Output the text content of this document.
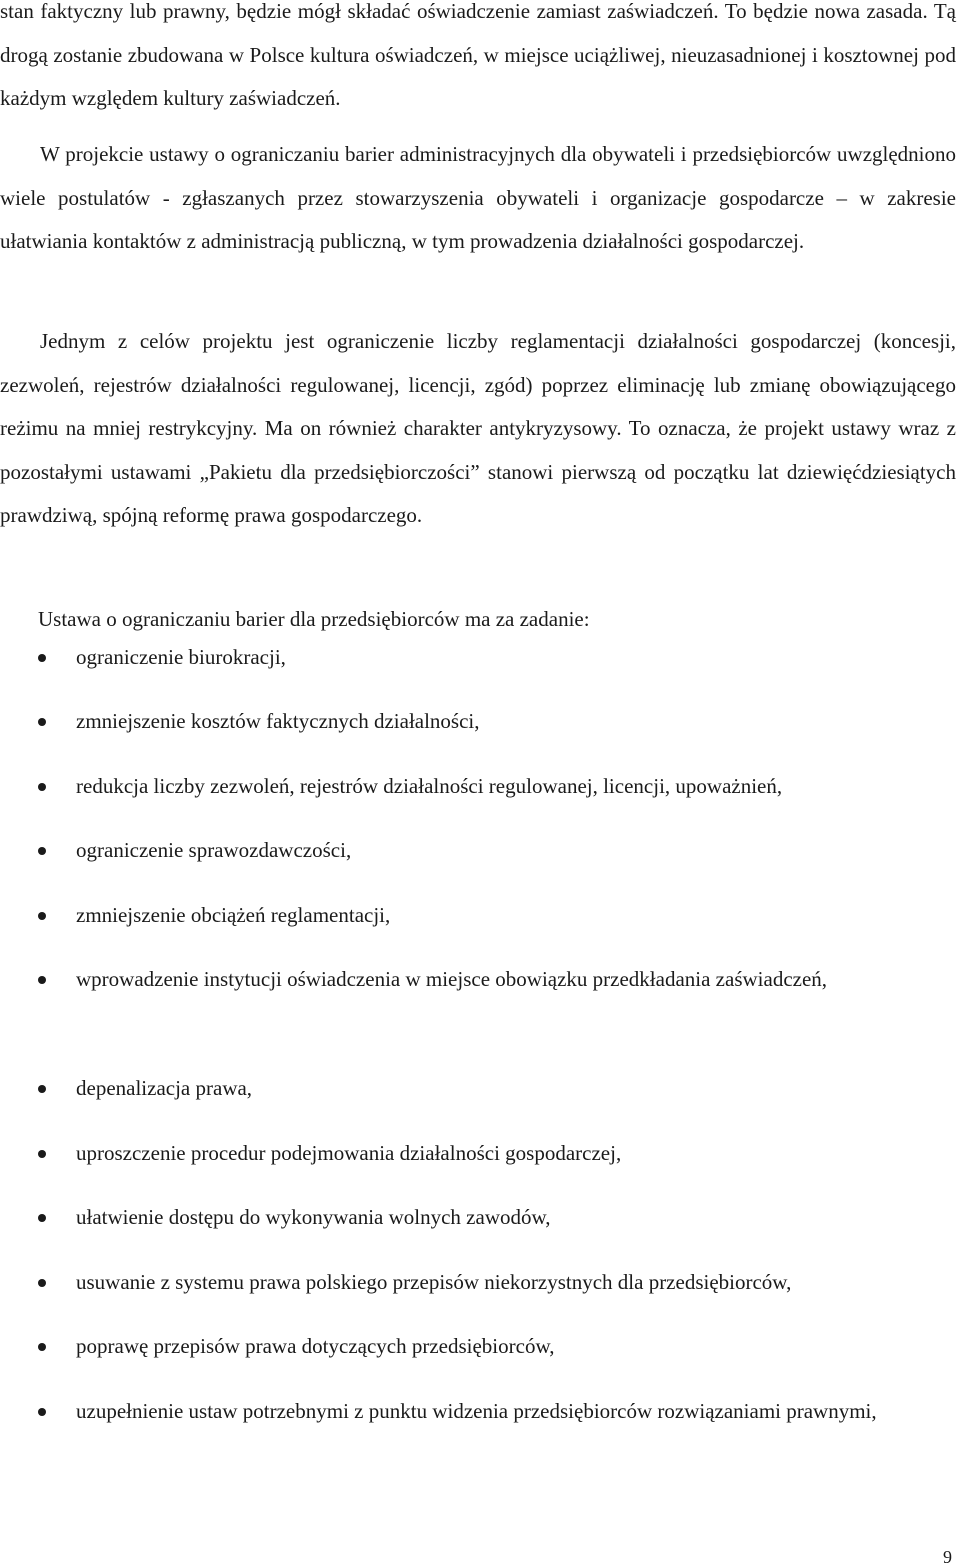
stan faktyczny lub prawny, będzie mógł składać oświadczenie zamiast zaświadczeń. To będzie nowa zasada. Tą drogą zostanie zbudowana w Polsce kultura oświadczeń, w miejsce uciążliwej, nieuzasadnionej i kosztownej pod każdym względem kultury zaświadczeń.

W projekcie ustawy o ograniczaniu barier administracyjnych dla obywateli i przedsiębiorców uwzględniono wiele postulatów - zgłaszanych przez stowarzyszenia obywateli i organizacje gospodarcze – w zakresie ułatwiania kontaktów z administracją publiczną, w tym prowadzenia działalności gospodarczej.

Jednym z celów projektu jest ograniczenie liczby reglamentacji działalności gospodarczej (koncesji, zezwoleń, rejestrów działalności regulowanej, licencji, zgód) poprzez eliminację lub zmianę obowiązującego reżimu na mniej restrykcyjny. Ma on również charakter antykryzysowy. To oznacza, że projekt ustawy wraz z pozostałymi ustawami „Pakietu dla przedsiębiorczości” stanowi pierwszą od początku lat dziewięćdziesiątych prawdziwą, spójną reformę prawa gospodarczego.

Ustawa o ograniczaniu barier dla przedsiębiorców ma za zadanie:

ograniczenie biurokracji,
zmniejszenie kosztów faktycznych działalności,
redukcja liczby zezwoleń, rejestrów działalności regulowanej, licencji, upoważnień,
ograniczenie sprawozdawczości,
zmniejszenie obciążeń reglamentacji,
wprowadzenie instytucji oświadczenia w miejsce obowiązku przedkładania zaświadczeń,
depenalizacja prawa,
uproszczenie procedur podejmowania działalności gospodarczej,
ułatwienie dostępu do wykonywania wolnych zawodów,
usuwanie z systemu prawa polskiego przepisów niekorzystnych dla przedsiębiorców,
poprawę przepisów prawa dotyczących przedsiębiorców,
uzupełnienie ustaw potrzebnymi z punktu widzenia przedsiębiorców rozwiązaniami prawnymi,
9
